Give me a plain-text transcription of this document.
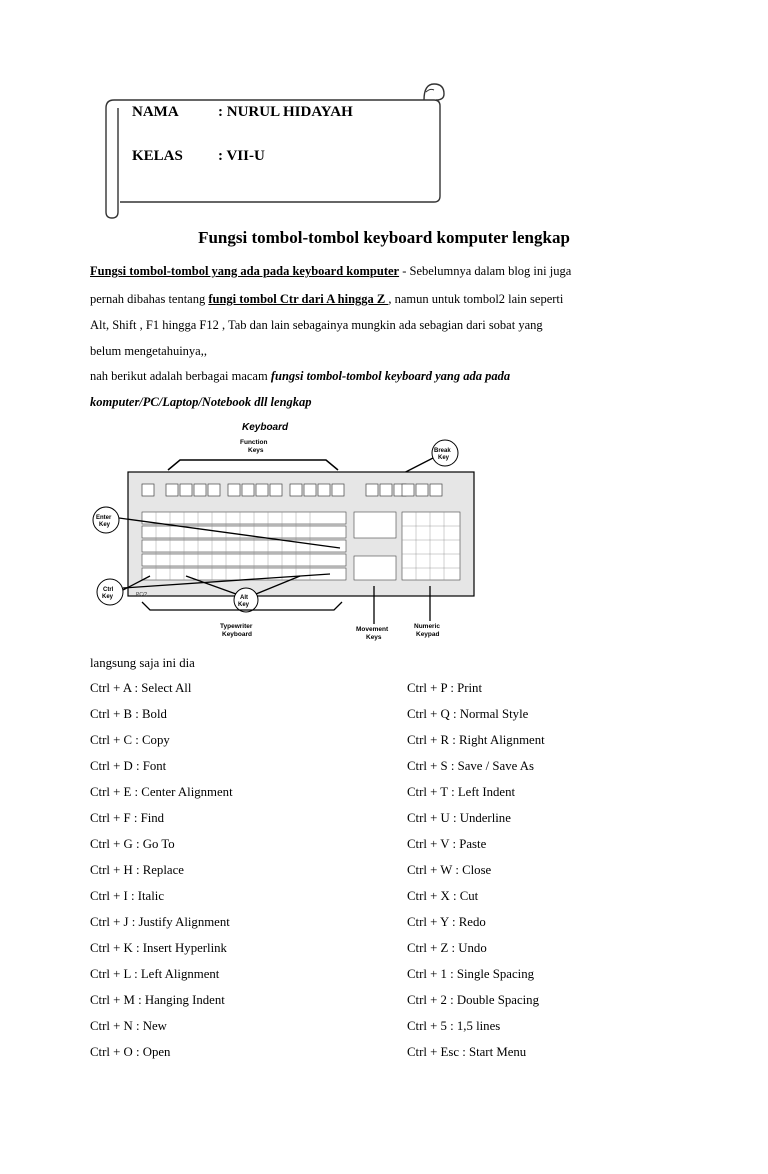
NAMA	: NURUL HIDAYAH
KELAS : VII-U
Fungsi tombol-tombol keyboard komputer lengkap
Fungsi tombol-tombol yang ada pada keyboard komputer - Sebelumnya dalam blog ini juga
pernah dibahas tentang fungi tombol Ctr dari A hingga Z , namun untuk tombol2 lain seperti
Alt, Shift , F1 hingga F12 , Tab dan lain sebagainya mungkin ada sebagian dari sobat yang
belum mengetahuinya,,
nah berikut adalah berbagai macam fungsi tombol-tombol keyboard yang ada pada
komputer/PC/Laptop/Notebook dll lengkap
Keyboard
Function
Keys	Break
Key
PC/2
Enter
Key
Ctrl
Key	Alt
Key
Typewriter
Keyboard
Movement
Keys
Numeric
Keypad
langsung saja ini dia
Ctrl + A : Select All
Ctrl + B : Bold
Ctrl + C : Copy
Ctrl + D : Font
Ctrl + E : Center Alignment
Ctrl + F : Find
Ctrl + G : Go To
Ctrl + H : Replace
Ctrl + I : Italic
Ctrl + J : Justify Alignment
Ctrl + K : Insert Hyperlink
Ctrl + L : Left Alignment
Ctrl + M : Hanging Indent
Ctrl + N : New
Ctrl + O : Open
Ctrl + P : Print
Ctrl + Q : Normal Style
Ctrl + R : Right Alignment
Ctrl + S : Save / Save As
Ctrl + T : Left Indent
Ctrl + U : Underline
Ctrl + V : Paste
Ctrl + W : Close
Ctrl + X : Cut
Ctrl + Y : Redo
Ctrl + Z : Undo
Ctrl + 1 : Single Spacing
Ctrl + 2 : Double Spacing
Ctrl + 5 : 1,5 lines
Ctrl + Esc : Start Menu
